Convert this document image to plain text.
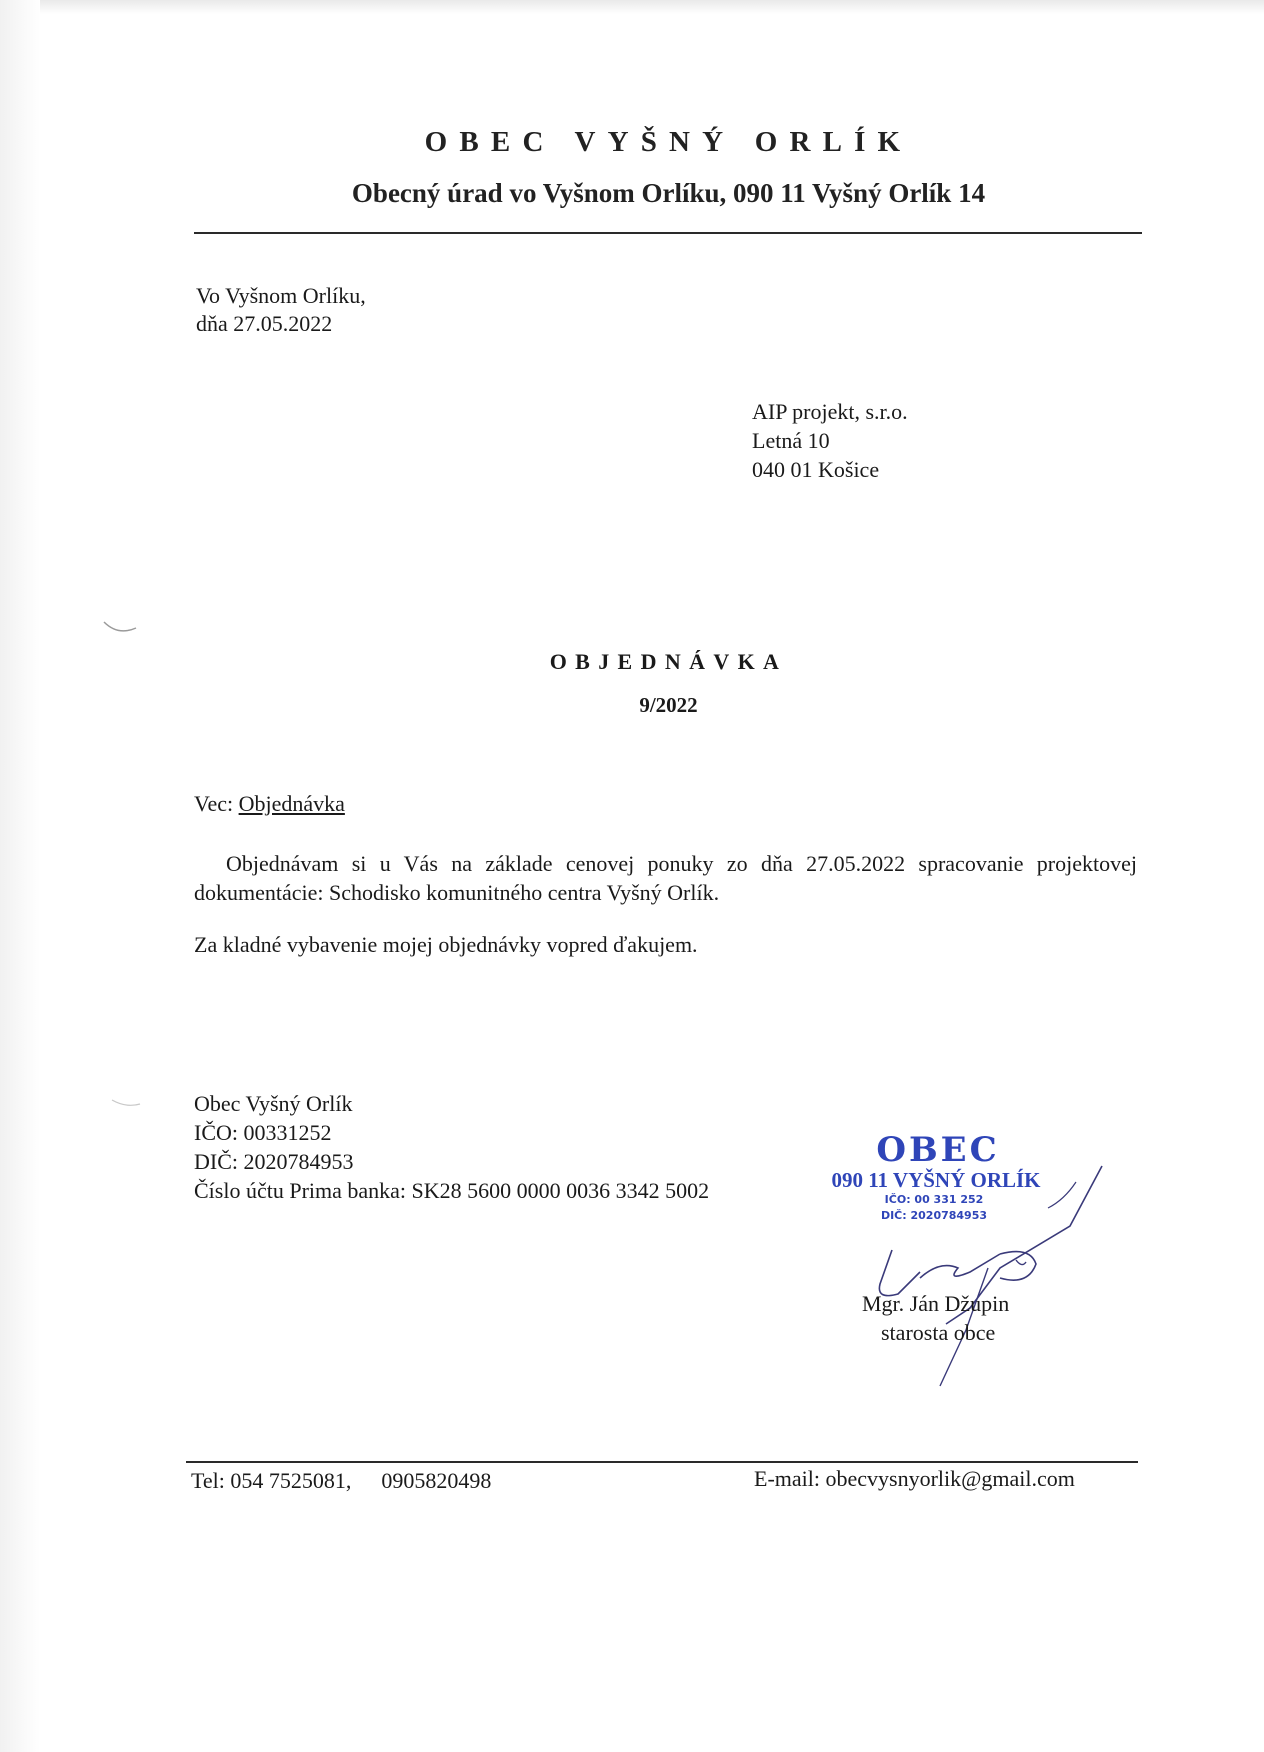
OBEC VYŠNÝ ORLÍK
Obecný úrad vo Vyšnom Orlíku, 090 11 Vyšný Orlík 14
Vo Vyšnom Orlíku,
dňa 27.05.2022
AIP projekt, s.r.o.
Letná 10
040 01 Košice
OBJEDNÁVKA
9/2022
Vec: Objednávka
Objednávam si u Vás na základe cenovej ponuky zo dňa 27.05.2022 spracovanie projektovej dokumentácie: Schodisko komunitného centra Vyšný Orlík.
Za kladné vybavenie mojej objednávky vopred ďakujem.
Obec Vyšný Orlík
IČO: 00331252
DIČ: 2020784953
Číslo účtu Prima banka: SK28 5600 0000 0036 3342 5002
OBEC
090 11 VYŠNÝ ORLÍK
IČO: 00 331 252
DIČ: 2020784953
Mgr. Ján Džupin
starosta obce
Tel: 054 7525081, 0905820498	E-mail: obecvysnyorlik@gmail.com
